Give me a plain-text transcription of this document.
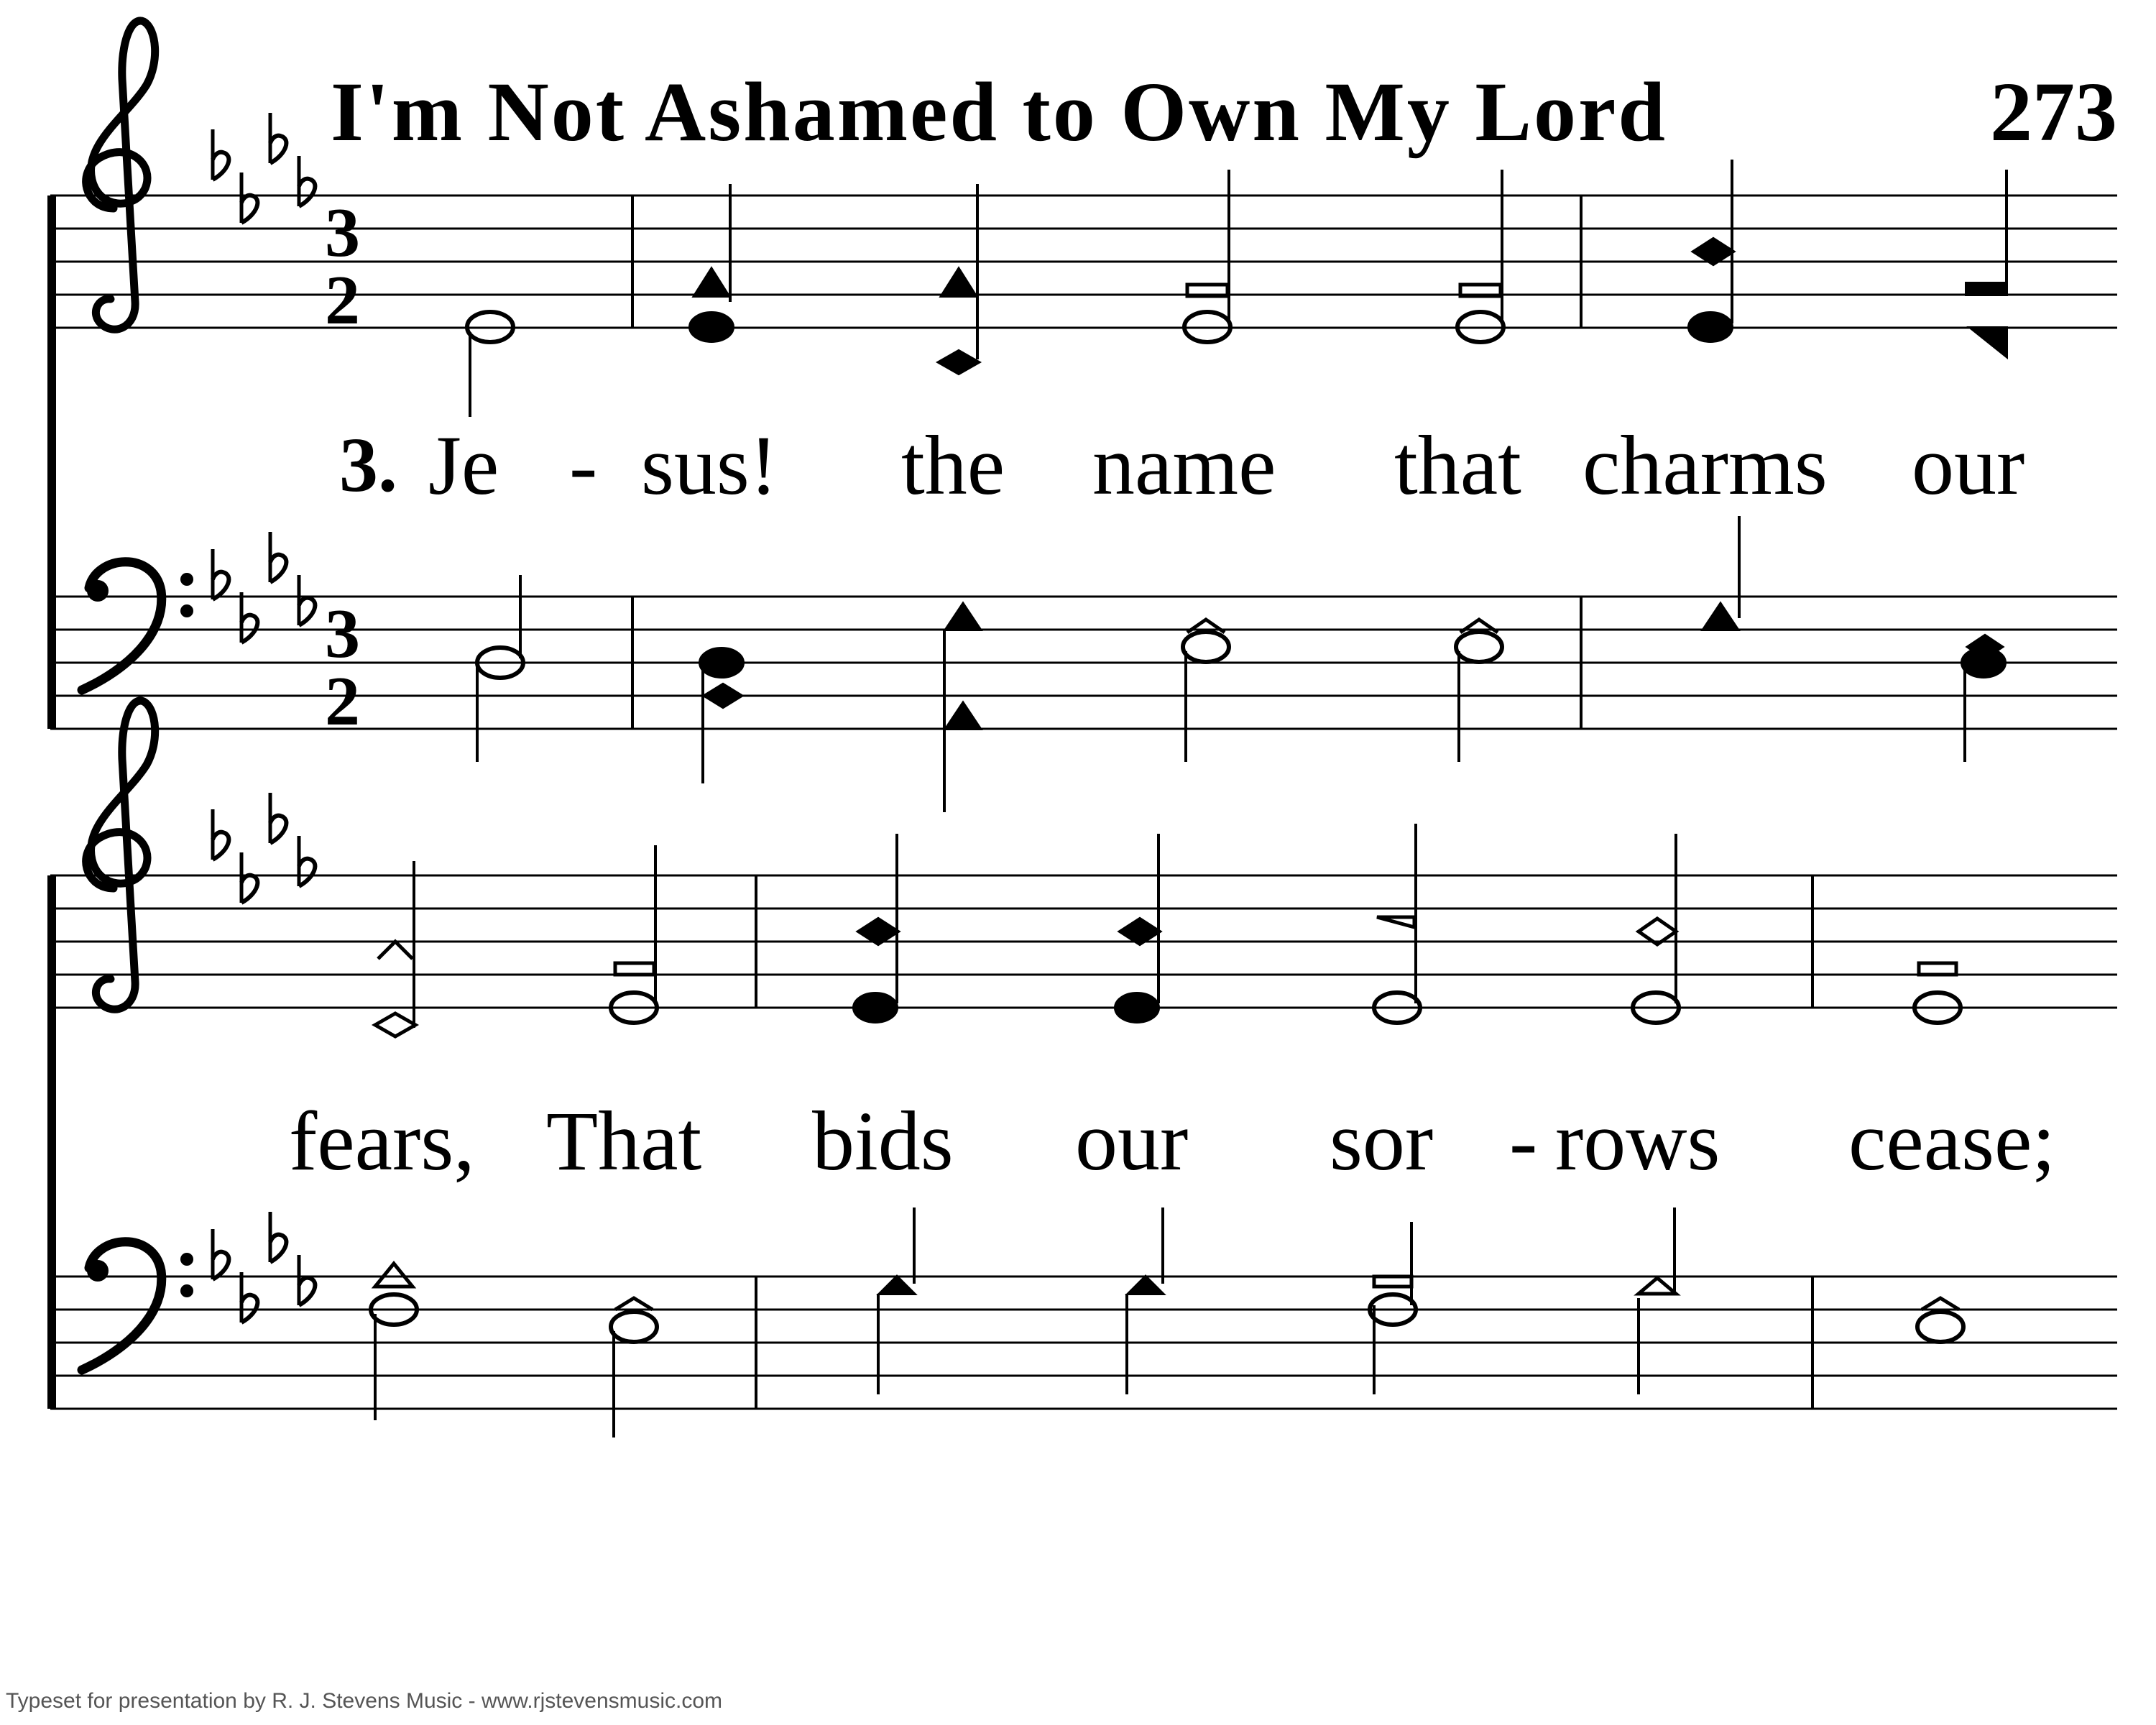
I'm Not Ashamed to Own My Lord	273
3
2
3
2
3. Je - sus! the name that charms our
fears, That bids our sor - rows cease;
Typeset for presentation by R. J. Stevens Music - www.rjstevensmusic.com
